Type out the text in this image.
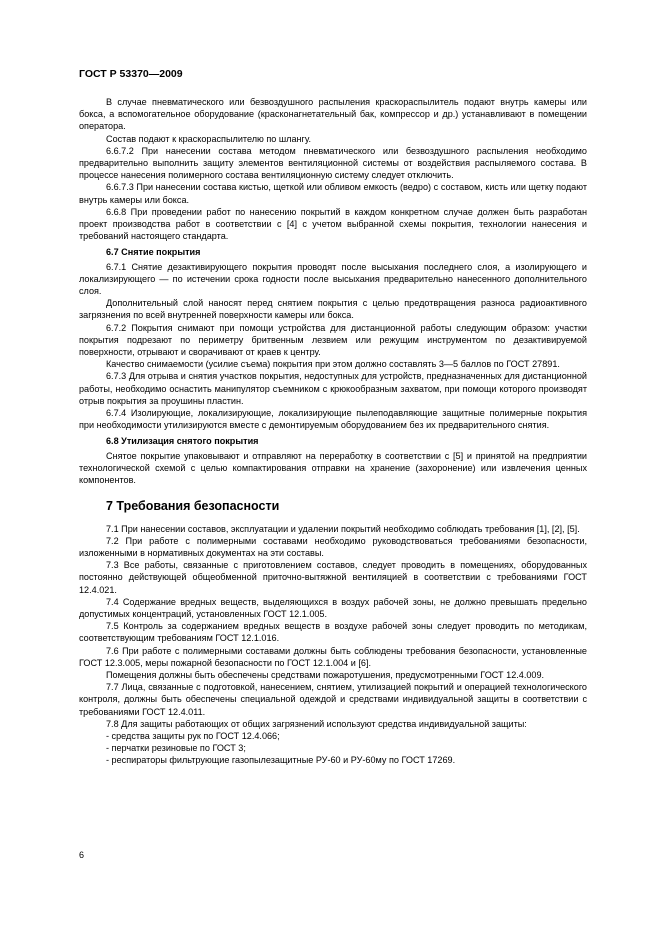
ГОСТ Р 53370—2009

В случае пневматического или безвоздушного распыления краскораспылитель подают внутрь камеры или бокса, а вспомогательное оборудование (красконагнетательный бак, компрессор и др.) устанавливают в помещении оператора.

Состав подают к краскораспылителю по шлангу.

6.6.7.2 При нанесении состава методом пневматического или безвоздушного распыления необходимо предварительно выполнить защиту элементов вентиляционной системы от воздействия распыляемого состава. В процессе нанесения полимерного состава вентиляционную систему следует отключить.

6.6.7.3 При нанесении состава кистью, щеткой или обливом емкость (ведро) с составом, кисть или щетку подают внутрь камеры или бокса.

6.6.8 При проведении работ по нанесению покрытий в каждом конкретном случае должен быть разработан проект производства работ в соответствии с [4] с учетом выбранной схемы покрытия, технологии нанесения и требований настоящего стандарта.

6.7 Снятие покрытия

6.7.1 Снятие дезактивирующего покрытия проводят после высыхания последнего слоя, а изолирующего и локализирующего — по истечении срока годности после высыхания предварительно нанесенного дополнительного слоя.

Дополнительный слой наносят перед снятием покрытия с целью предотвращения разноса радиоактивного загрязнения по всей внутренней поверхности камеры или бокса.

6.7.2 Покрытия снимают при помощи устройства для дистанционной работы следующим образом: участки покрытия подрезают по периметру бритвенным лезвием или режущим инструментом по дезактивируемой поверхности, отрывают и сворачивают от краев к центру.

Качество снимаемости (усилие съема) покрытия при этом должно составлять 3—5 баллов по ГОСТ 27891.

6.7.3 Для отрыва и снятия участков покрытия, недоступных для устройств, предназначенных для дистанционной работы, необходимо оснастить манипулятор съемником с крюкообразным захватом, при помощи которого производят отрыв покрытия за проушины пластин.

6.7.4 Изолирующие, локализирующие, локализирующие пылеподавляющие защитные полимерные покрытия при необходимости утилизируются вместе с демонтируемым оборудованием без их предварительного снятия.

6.8 Утилизация снятого покрытия

Снятое покрытие упаковывают и отправляют на переработку в соответствии с [5] и принятой на предприятии технологической схемой с целью компактирования отправки на хранение (захоронение) или извлечения ценных компонентов.

7 Требования безопасности

7.1 При нанесении составов, эксплуатации и удалении покрытий необходимо соблюдать требования [1], [2], [5].

7.2 При работе с полимерными составами необходимо руководствоваться требованиями безопасности, изложенными в нормативных документах на эти составы.

7.3 Все работы, связанные с приготовлением составов, следует проводить в помещениях, оборудованных постоянно действующей общеобменной приточно-вытяжной вентиляцией в соответствии с требованиями ГОСТ 12.4.021.

7.4 Содержание вредных веществ, выделяющихся в воздух рабочей зоны, не должно превышать предельно допустимых концентраций, установленных ГОСТ 12.1.005.

7.5 Контроль за содержанием вредных веществ в воздухе рабочей зоны следует проводить по методикам, соответствующим требованиям ГОСТ 12.1.016.

7.6 При работе с полимерными составами должны быть соблюдены требования безопасности, установленные ГОСТ 12.3.005, меры пожарной безопасности по ГОСТ 12.1.004 и [6].

Помещения должны быть обеспечены средствами пожаротушения, предусмотренными ГОСТ 12.4.009.

7.7 Лица, связанные с подготовкой, нанесением, снятием, утилизацией покрытий и операцией технологического контроля, должны быть обеспечены специальной одеждой и средствами индивидуальной защиты в соответствии с требованиями ГОСТ 12.4.011.

7.8 Для защиты работающих от общих загрязнений используют средства индивидуальной защиты:

- средства защиты рук по ГОСТ 12.4.066;

- перчатки резиновые по ГОСТ 3;

- респираторы фильтрующие газопылезащитные РУ-60 и РУ-60му по ГОСТ 17269.

6
